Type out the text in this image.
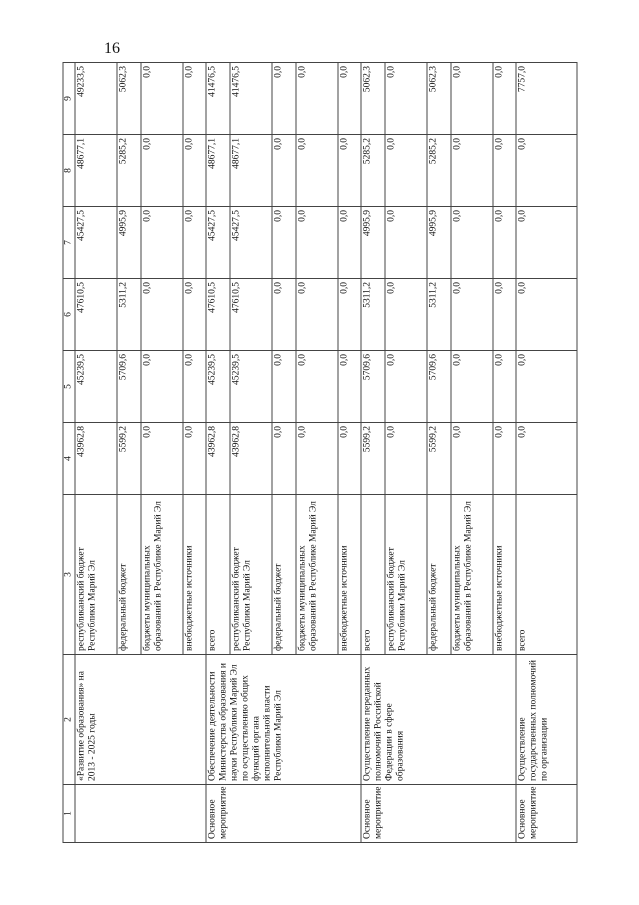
16
1	2	3	4	5	6	7	8	9
	«Развитие образования» на 2013 - 2025 годы	республиканский бюджет Республики Марий Эл	43962,8	45239,5	47610,5	45427,5	48677,1	49233,5
		федеральный бюджет	5599,2	5709,6	5311,2	4995,9	5285,2	5062,3
		бюджеты муниципальных образований в Республике Марий Эл	0,0	0,0	0,0	0,0	0,0	0,0
		внебюджетные источники	0,0	0,0	0,0	0,0	0,0	0,0
Основное мероприятие	Обеспечение деятельности Министерства образования и науки Республики Марий Эл по осуществлению общих функций органа исполнительной власти Республики Марий Эл	всего	43962,8	45239,5	47610,5	45427,5	48677,1	41476,5
		республиканский бюджет Республики Марий Эл	43962,8	45239,5	47610,5	45427,5	48677,1	41476,5
		федеральный бюджет	0,0	0,0	0,0	0,0	0,0	0,0
		бюджеты муниципальных образований в Республике Марий Эл	0,0	0,0	0,0	0,0	0,0	0,0
		внебюджетные источники	0,0	0,0	0,0	0,0	0,0	0,0
Основное мероприятие	Осуществление переданных полномочий Российской Федерации в сфере образования	всего	5599,2	5709,6	5311,2	4995,9	5285,2	5062,3
		республиканский бюджет Республики Марий Эл	0,0	0,0	0,0	0,0	0,0	0,0
		федеральный бюджет	5599,2	5709,6	5311,2	4995,9	5285,2	5062,3
		бюджеты муниципальных образований в Республике Марий Эл	0,0	0,0	0,0	0,0	0,0	0,0
		внебюджетные источники	0,0	0,0	0,0	0,0	0,0	0,0
Основное мероприятие	Осуществление государственных полномочий по организации	всего	0,0	0,0	0,0	0,0	0,0	7757,0
